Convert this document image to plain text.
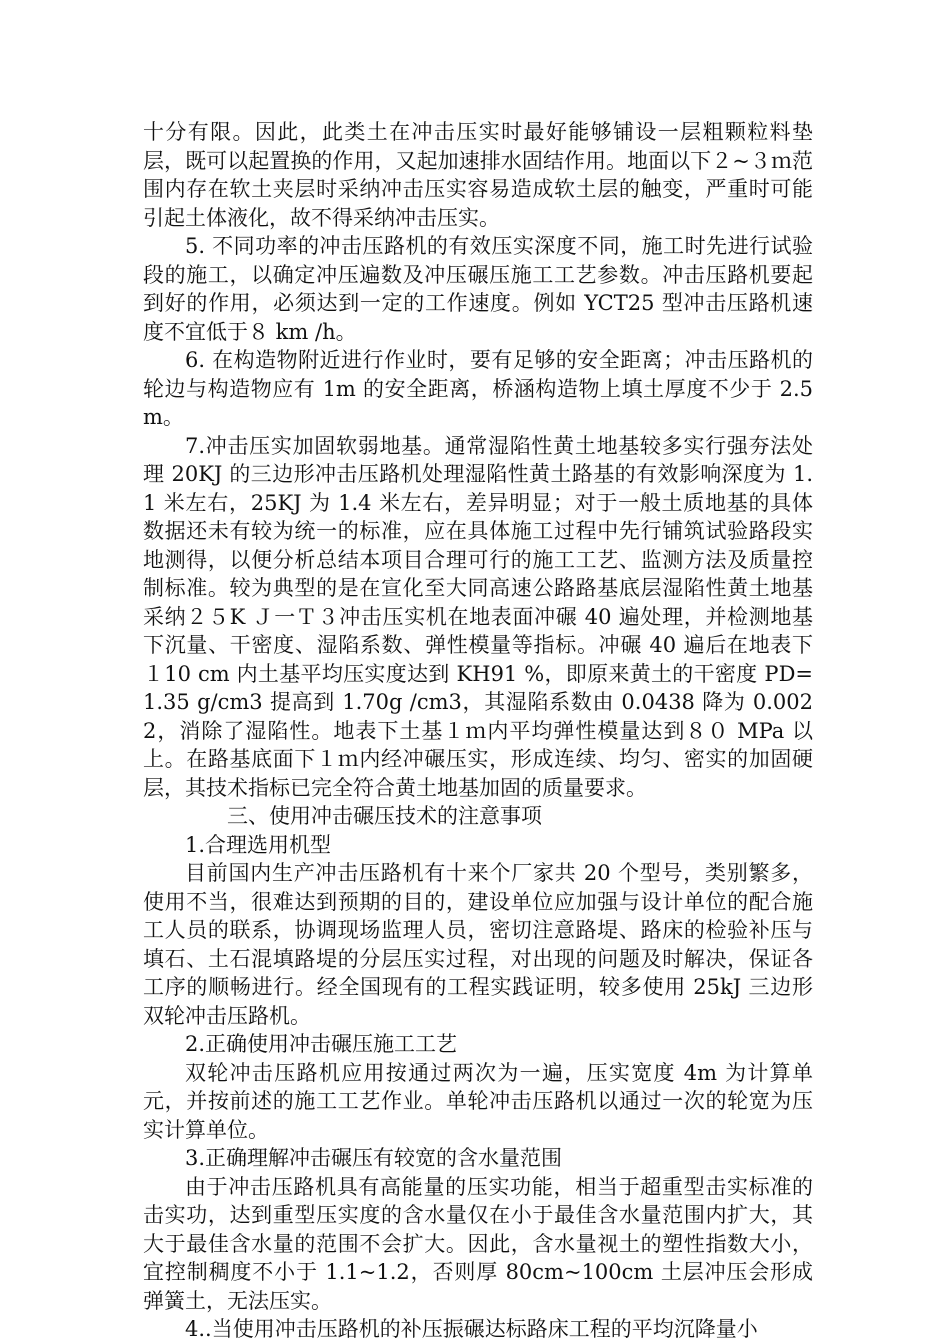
十分有限。因此，此类土在冲击压实时最好能够铺设一层粗颗粒料垫层，既可以起置换的作用，又起加速排水固结作用。地面以下２~３ｍ范围内存在软土夹层时采纳冲击压实容易造成软土层的触变，严重时可能引起土体液化，故不得采纳冲击压实。

5. 不同功率的冲击压路机的有效压实深度不同，施工时先进行试验段的施工，以确定冲压遍数及冲压碾压施工工艺参数。冲击压路机要起到好的作用，必须达到一定的工作速度。例如 YCT25 型冲击压路机速度不宜低于８ km /h。

6. 在构造物附近进行作业时，要有足够的安全距离；冲击压路机的轮边与构造物应有 1m 的安全距离，桥涵构造物上填土厚度不少于 2.5m。

7.冲击压实加固软弱地基。通常湿陷性黄土地基较多实行强夯法处理 20KJ 的三边形冲击压路机处理湿陷性黄土路基的有效影响深度为 1.1 米左右，25KJ 为 1.4 米左右，差异明显；对于一般土质地基的具体数据还未有较为统一的标准，应在具体施工过程中先行铺筑试验路段实地测得，以便分析总结本项目合理可行的施工工艺、监测方法及质量控制标准。较为典型的是在宣化至大同高速公路路基底层湿陷性黄土地基采纳２５K Ｊ一Ｔ３冲击压实机在地表面冲碾 40 遍处理，并检测地基下沉量、干密度、湿陷系数、弹性模量等指标。冲碾 40 遍后在地表下１10 cm 内土基平均压实度达到 KH91 %，即原来黄土的干密度 PD= 1.35 g/cm3 提高到 1.70g /cm3，其湿陷系数由 0.0438 降为 0.0022，消除了湿陷性。地表下土基１ｍ内平均弹性模量达到８０ MPa 以上。在路基底面下１ｍ内经冲碾压实，形成连续、均匀、密实的加固硬层，其技术指标已完全符合黄土地基加固的质量要求。

三、使用冲击碾压技术的注意事项

1.合理选用机型

目前国内生产冲击压路机有十来个厂家共 20 个型号，类别繁多，使用不当，很难达到预期的目的，建设单位应加强与设计单位的配合施工人员的联系，协调现场监理人员，密切注意路堤、路床的检验补压与填石、土石混填路堤的分层压实过程，对出现的问题及时解决，保证各工序的顺畅进行。经全国现有的工程实践证明，较多使用 25kJ 三边形双轮冲击压路机。

2.正确使用冲击碾压施工工艺

双轮冲击压路机应用按通过两次为一遍，压实宽度 4m 为计算单元，并按前述的施工工艺作业。单轮冲击压路机以通过一次的轮宽为压实计算单位。

3.正确理解冲击碾压有较宽的含水量范围

由于冲击压路机具有高能量的压实功能，相当于超重型击实标准的击实功，达到重型压实度的含水量仅在小于最佳含水量范围内扩大，其大于最佳含水量的范围不会扩大。因此，含水量视土的塑性指数大小，宜控制稠度不小于 1.1~1.2，否则厚 80cm~100cm 土层冲压会形成弹簧土，无法压实。

4..当使用冲击压路机的补压振碾达标路床工程的平均沉降量小
